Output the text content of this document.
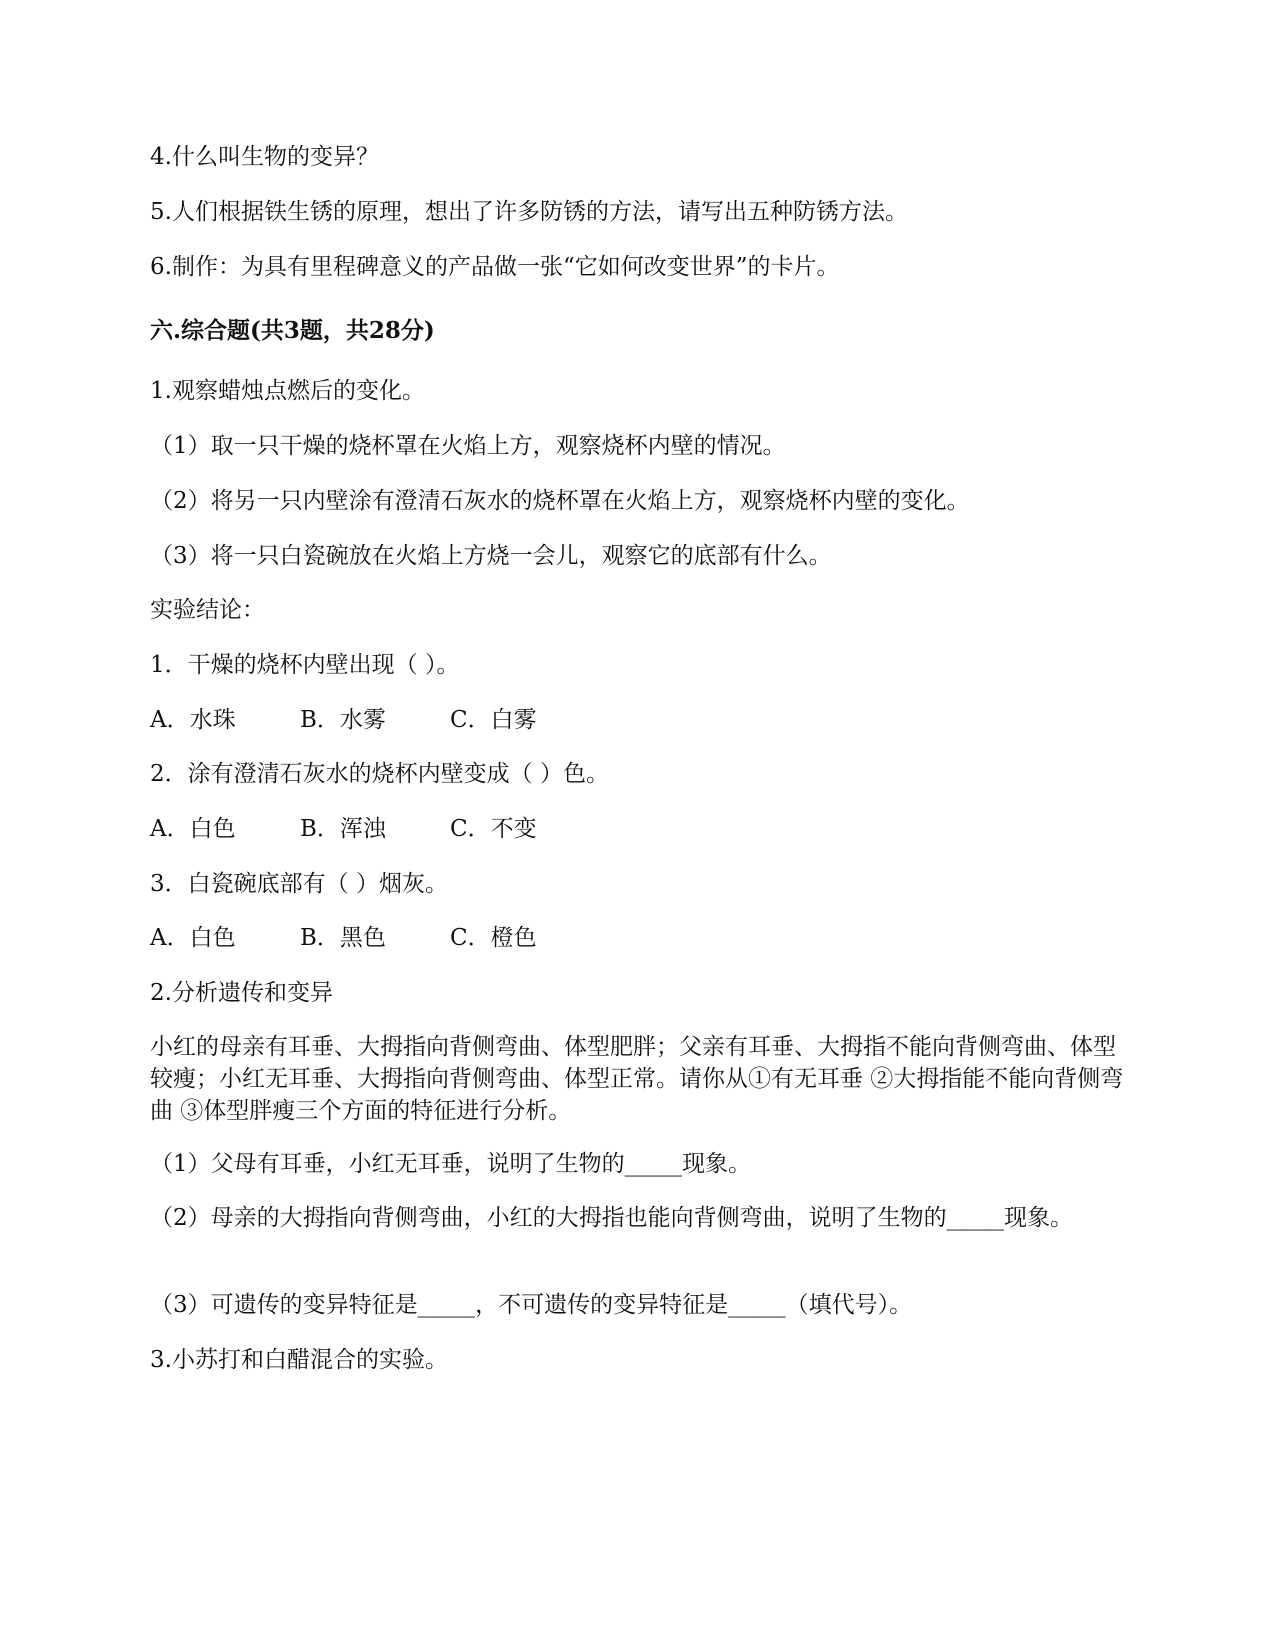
4.什么叫生物的变异？
5.人们根据铁生锈的原理，想出了许多防锈的方法，请写出五种防锈方法。
6.制作：为具有里程碑意义的产品做一张“它如何改变世界”的卡片。
六.综合题(共3题，共28分)
1.观察蜡烛点燃后的变化。
（1）取一只干燥的烧杯罩在火焰上方，观察烧杯内壁的情况。
（2）将另一只内壁涂有澄清石灰水的烧杯罩在火焰上方，观察烧杯内壁的变化。
（3）将一只白瓷碗放在火焰上方烧一会儿，观察它的底部有什么。
实验结论：
1．干燥的烧杯内壁出现（ ）。
A．水珠	B．水雾	C．白雾
2．涂有澄清石灰水的烧杯内壁变成（ ）色。
A．白色	B．浑浊	C．不变
3．白瓷碗底部有（ ）烟灰。
A．白色	B．黑色	C．橙色
2.分析遗传和变异
小红的母亲有耳垂、大拇指向背侧弯曲、体型肥胖；父亲有耳垂、大拇指不能向背侧弯曲、体型较瘦；小红无耳垂、大拇指向背侧弯曲、体型正常。请你从①有无耳垂 ②大拇指能不能向背侧弯曲 ③体型胖瘦三个方面的特征进行分析。
（1）父母有耳垂，小红无耳垂，说明了生物的_____现象。
（2）母亲的大拇指向背侧弯曲，小红的大拇指也能向背侧弯曲，说明了生物的_____现象。
（3）可遗传的变异特征是_____，不可遗传的变异特征是_____（填代号）。
3.小苏打和白醋混合的实验。
